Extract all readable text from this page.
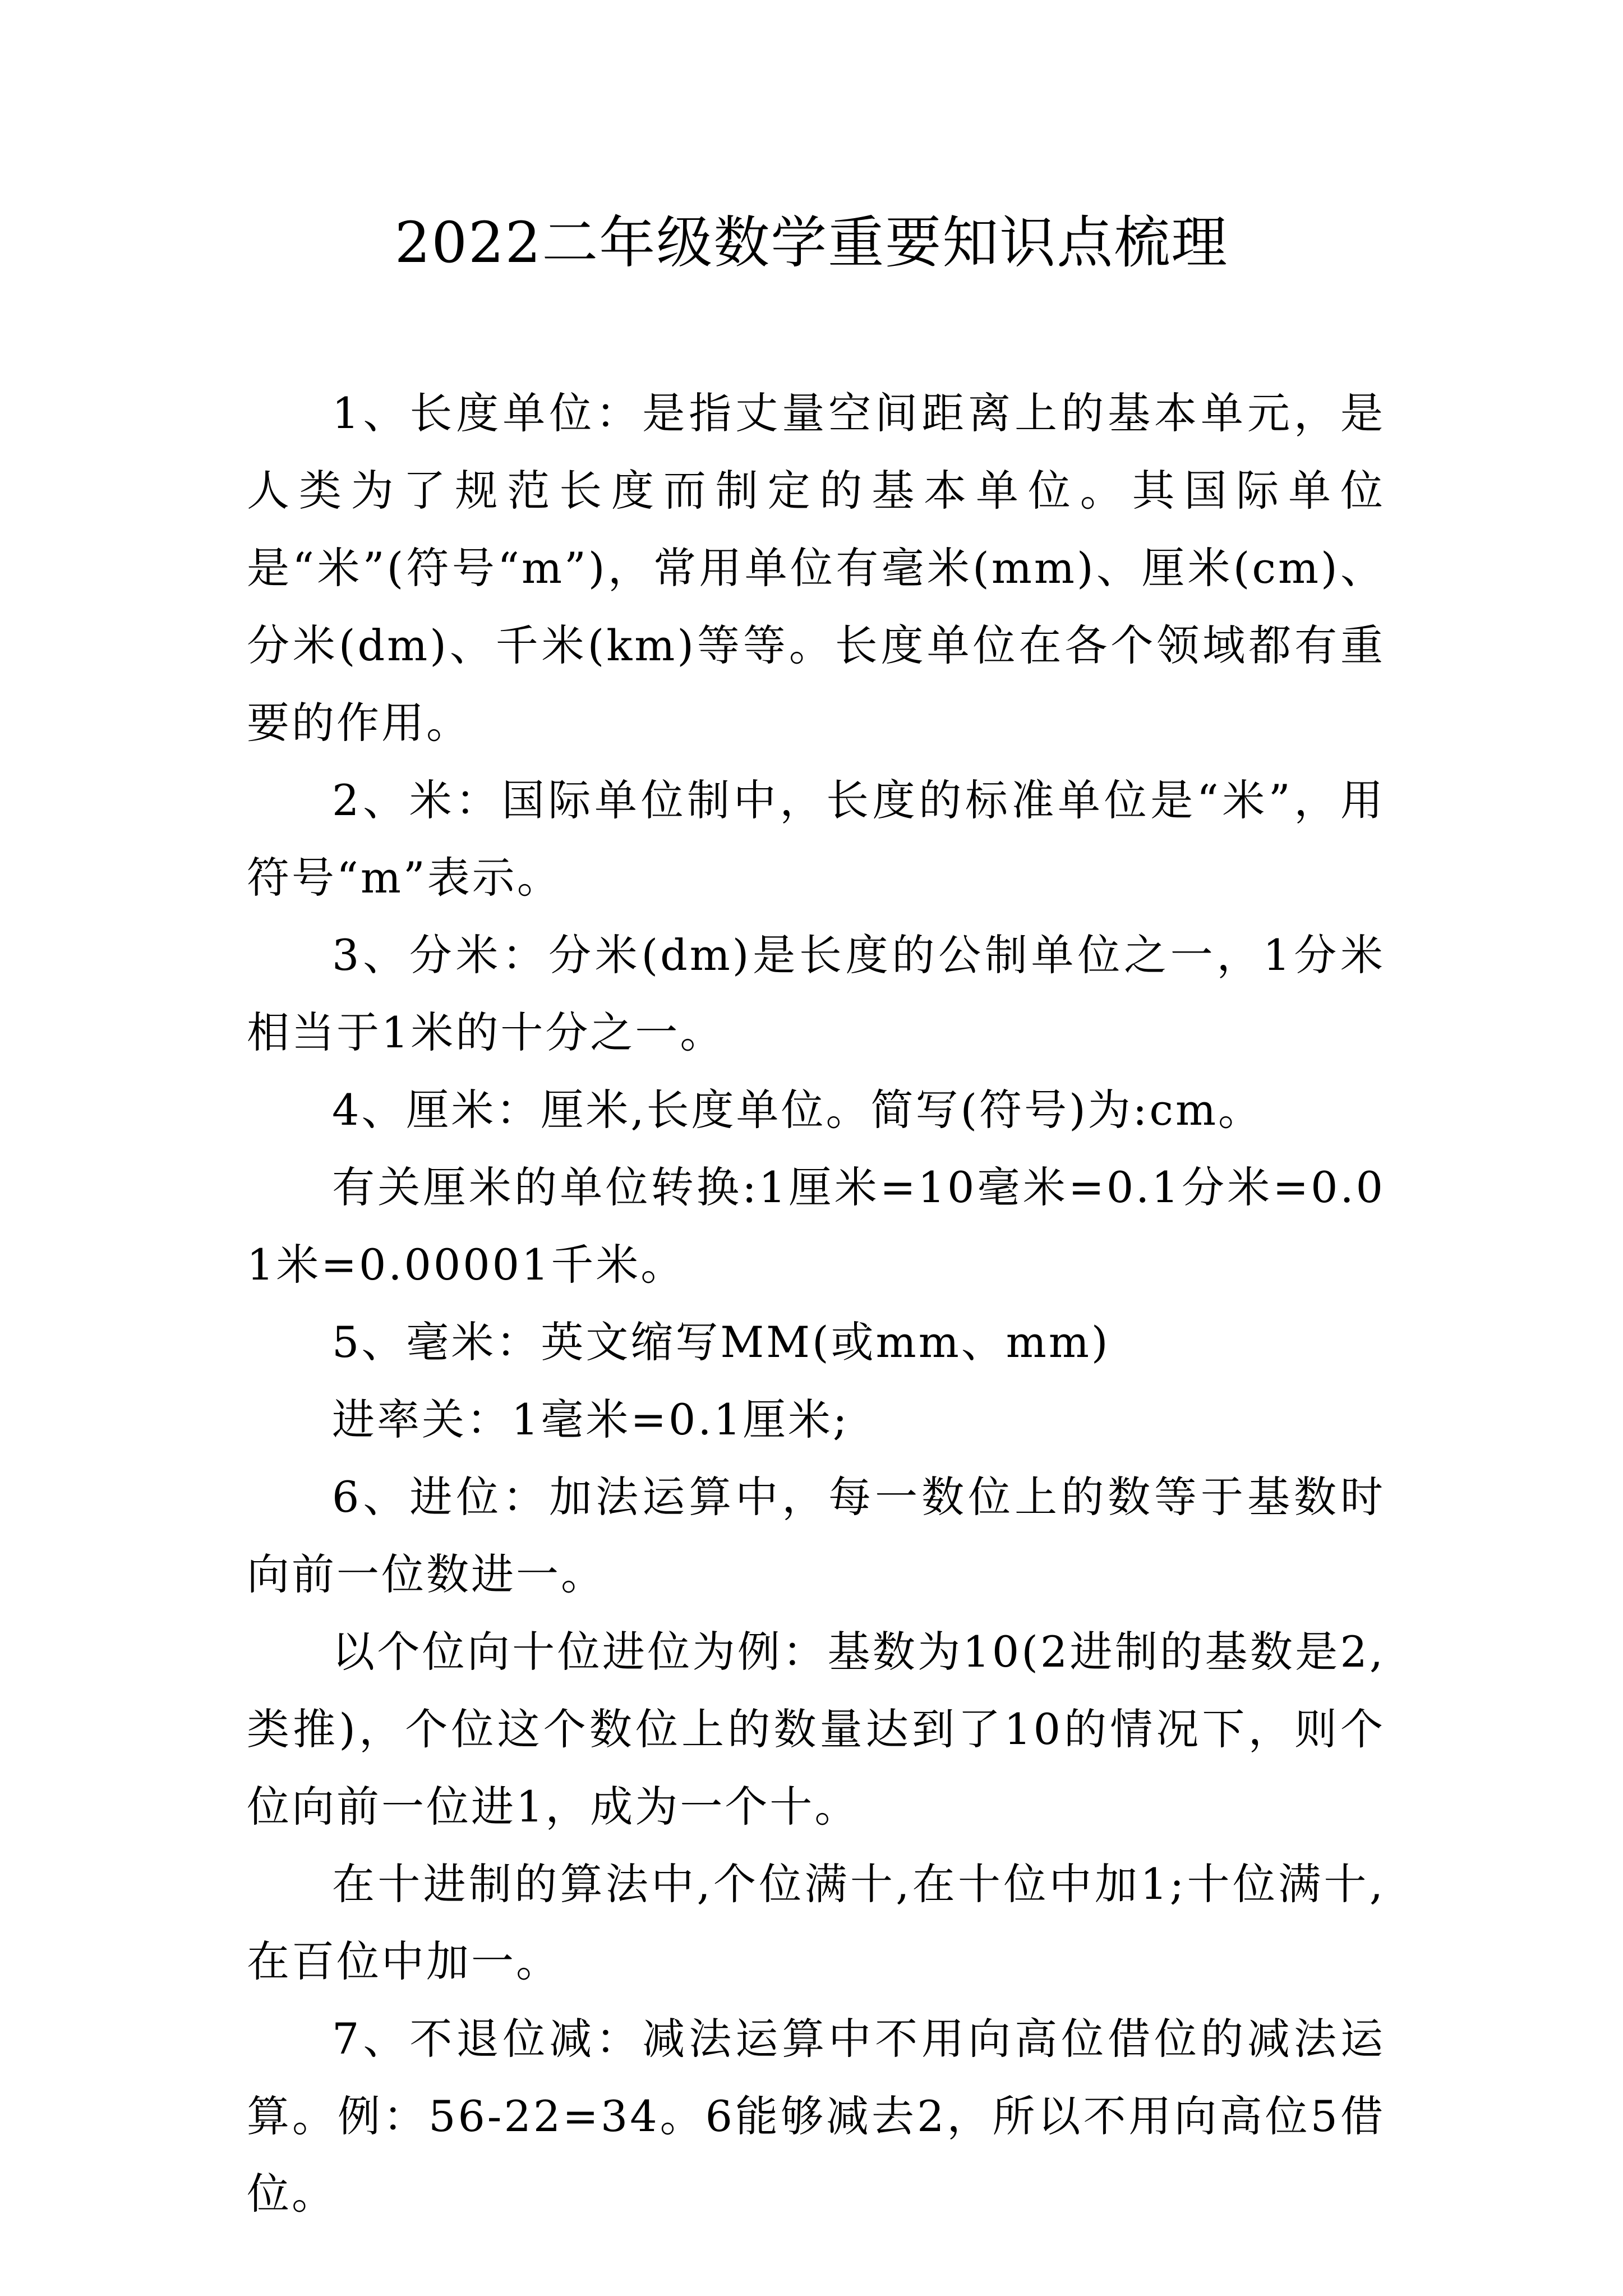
2022二年级数学重要知识点梳理

1、长度单位：是指丈量空间距离上的基本单元，是人类为了规范长度而制定的基本单位。其国际单位是“米”(符号“m”)，常用单位有毫米(mm)、厘米(cm)、分米(dm)、千米(km)等等。长度单位在各个领域都有重要的作用。

2、米：国际单位制中，长度的标准单位是“米”，用符号“m”表示。

3、分米：分米(dm)是长度的公制单位之一，1分米相当于1米的十分之一。

4、厘米：厘米,长度单位。简写(符号)为:cm。

有关厘米的单位转换:1厘米=10毫米=0.1分米=0.01米=0.00001千米。

5、毫米：英文缩写MM(或mm、mm)

进率关：1毫米=0.1厘米;

6、进位：加法运算中，每一数位上的数等于基数时向前一位数进一。

以个位向十位进位为例：基数为10(2进制的基数是2,类推)，个位这个数位上的数量达到了10的情况下，则个位向前一位进1，成为一个十。

在十进制的算法中,个位满十,在十位中加1;十位满十,在百位中加一。

7、不退位减：减法运算中不用向高位借位的减法运算。例：56-22=34。6能够减去2，所以不用向高位5借位。
